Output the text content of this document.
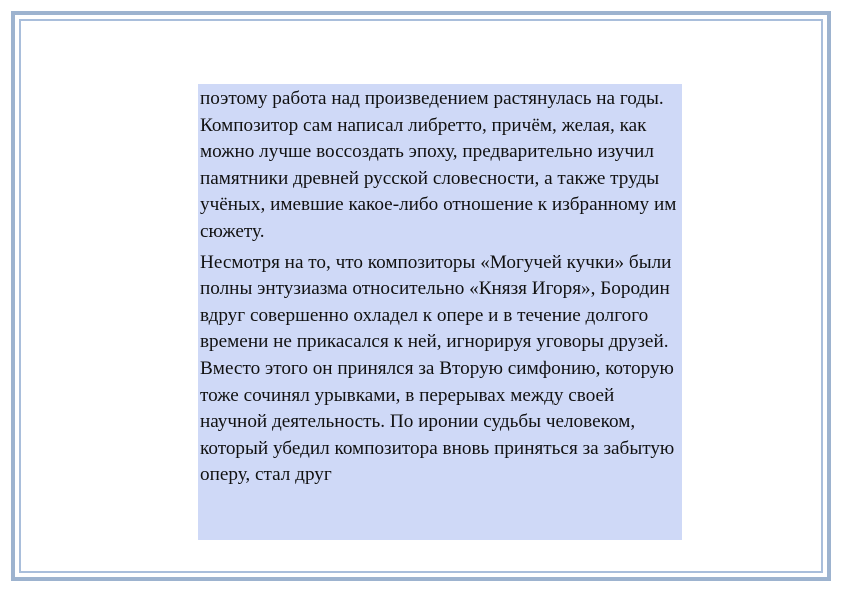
поэтому работа над произведением растянулась на годы. Композитор сам написал либретто, причём, желая, как можно лучше воссоздать эпоху, предварительно изучил памятники древней русской словесности, а также труды учёных, имевшие какое-либо отношение к избранному им сюжету.

Несмотря на то, что композиторы «Могучей кучки» были полны энтузиазма относительно «Князя Игоря», Бородин вдруг совершенно охладел к опере и в течение долгого времени не прикасался к ней, игнорируя уговоры друзей. Вместо этого он принялся за Вторую симфонию, которую тоже сочинял урывками, в перерывах между своей научной деятельность. По иронии судьбы человеком, который убедил композитора вновь приняться за забытую оперу, стал друг
